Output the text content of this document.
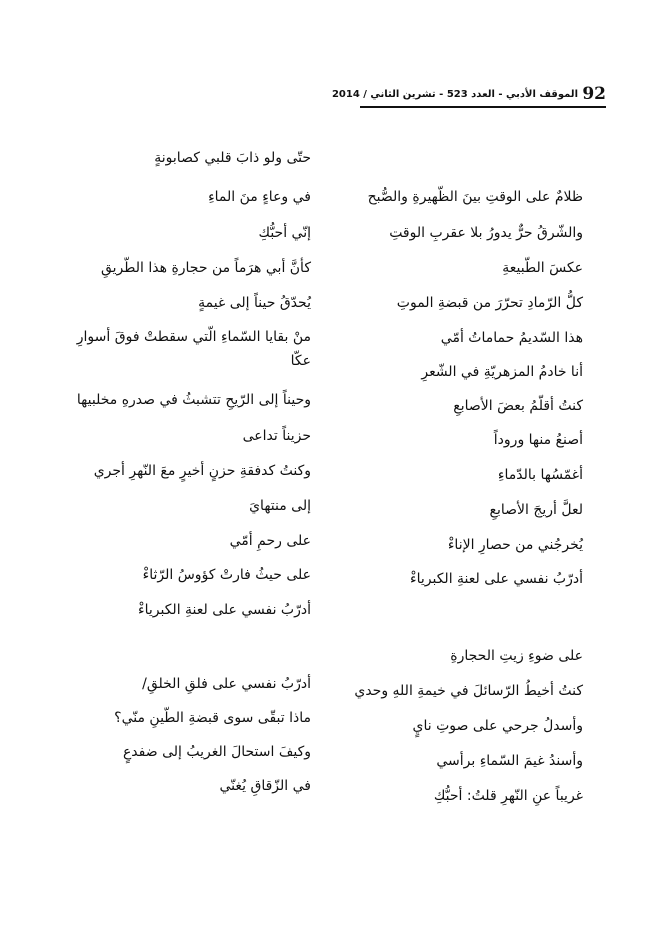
92
الموقف الأدبي - العدد 523 - تشرين الثاني / 2014
ظلامٌ على الوقتِ بينَ الظّهيرةِ والصُّبح
والشّرقُ حرٌّ يدورُ بلا عقربِ الوقتِ
عكسَ الطّبيعةِ
كلُّ الرّمادِ تحرّرَ من قبضةِ الموتِ
هذا السّديمُ حماماتُ أمّي
أنا خادمُ المزهريّةِ في الشّعرِ
كنتُ أقلّمُ بعضَ الأصابعِ
أصنعُ منها وروداً
أغمّسُها بالدّماءِ
لعلَّ أريجَ الأصابعِ
يُخرجُني من حصارِ الإناءْ
أدرّبُ نفسي على لعنةِ الكبرياءْ
على ضوءِ زيتِ الحجارةِ
كنتُ أخيطُ الرّسائلَ في خيمةِ اللهِ وحدي
وأسدلُ جرحي على صوتِ نايٍ
وأسندُ غيمَ السّماءِ برأسي
غريباً عنِ النّهرِ قلتُ: أحبُّكِ
حتّى ولو ذابَ قلبي كصابونةٍ
في وعاءٍ منَ الماءِ
إنّي أحبُّكِ
كأنَّ أبي هرَماً من حجارةِ هذا الطّريقِ
يُحدّقُ حيناً إلى غيمةٍ
منْ بقايا السّماءِ الّتي سقطتْ فوقَ أسوارِ عكّا
وحيناً إلى الرّيحِ تتشبثُ في صدرهِ مخلبيها
حزيناً تداعى
وكنتُ كدفقةِ حزنٍ أخيرٍ معَ النّهرِ أجري
إلى منتهايَ
على رحمِ أمّي
على حيثُ فارتْ كؤوسُ الرّثاءْ
أدرّبُ نفسي على لعنةِ الكبرياءْ
أدرّبُ نفسي على فلقِ الخلقِ/
ماذا تبقّى سوى قبضةِ الطّينِ منّي؟
وكيفَ استحالَ الغريبُ إلى ضفدعٍ
في الزّقاقِ يُغنّي
